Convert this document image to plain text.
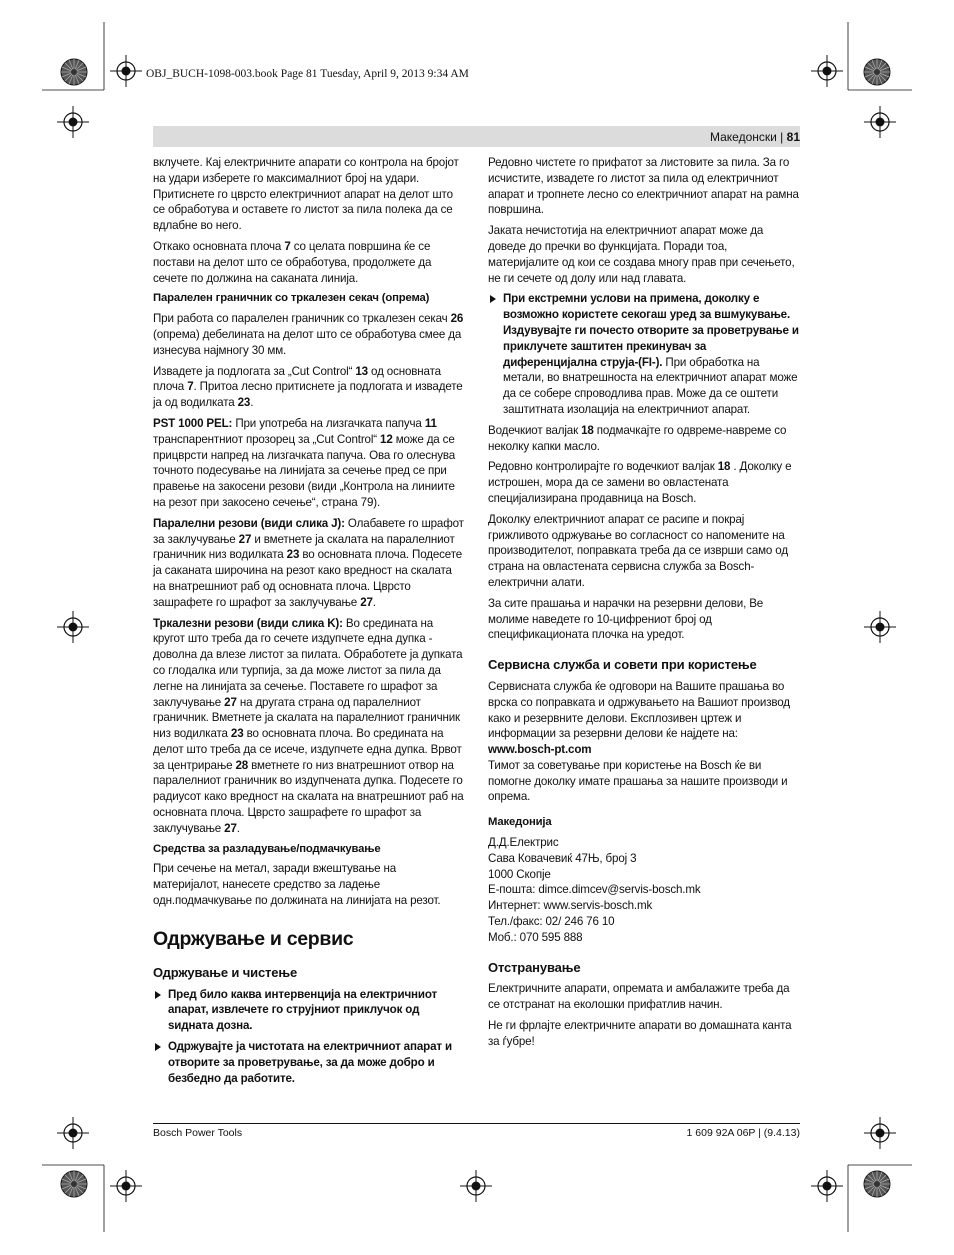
OBJ_BUCH-1098-003.book Page 81 Tuesday, April 9, 2013 9:34 AM
Македонски | 81

вклучете. Кај електричните апарати со контрола на бројот на удари изберете го максималниот број на удари. Притиснете го цврсто електричниот апарат на делот што се обработува и оставете го листот за пила полека да се вдлабне во него.

Откако основната плоча 7 со целата површина ќе се постави на делот што се обработува, продолжете да сечете по должина на саканата линија.

Паралелен граничник со тркалезен секач (опрема)

При работа со паралелен граничник со тркалезен секач 26 (опрема) дебелината на делот што се обработува смее да изнесува најмногу 30 мм.

Извадете ја подлогата за „Cut Control“ 13 од основната плоча 7. Притоа лесно притиснете ја подлогата и извадете ја од водилката 23.

PST 1000 PEL: При употреба на лизгачката папуча 11 транспарентниот прозорец за „Cut Control“ 12 може да се прицврсти напред на лизгачката папуча. Ова го олеснува точното подесување на линијата за сечење пред се при правење на закосени резови (види „Контрола на линиите на резот при закосено сечење“, страна 79).

Паралелни резови (види слика J): Олабавете го шрафот за заклучување 27 и вметнете ја скалата на паралелниот граничник низ водилката 23 во основната плоча. Подесете ја саканата широчина на резот како вредност на скалата на внатрешниот раб од основната плоча. Цврсто зашрафете го шрафот за заклучување 27.

Тркалезни резови (види слика K): Во средината на кругот што треба да го сечете издупчете една дупка - доволна да влезе листот за пилата. Обработете ја дупката со глодалка или турпија, за да може листот за пила да легне на линијата за сечење. Поставете го шрафот за заклучување 27 на другата страна од паралелниот граничник. Вметнете ја скалата на паралелниот граничник низ водилката 23 во основната плоча. Во средината на делот што треба да се исече, издупчете една дупка. Врвот за центрирање 28 вметнете го низ внатрешниот отвор на паралелниот граничник во издупчената дупка. Подесете го радиусот како вредност на скалата на внатрешниот раб на основната плоча. Цврсто зашрафете го шрафот за заклучување 27.

Средства за разладување/подмачкување

При сечење на метал, заради вжештување на материјалот, нанесете средство за ладење одн.подмачкување по должината на линијата на резот.

Одржување и сервис
Одржување и чистење
Пред било каква интервенција на електричниот апарат, извлечете го струјниот приклучок од ѕидната дозна.
Одржувајте ја чистотата на електричниот апарат и отворите за проветрување, за да може добро и безбедно да работите.

Редовно чистете го прифатот за листовите за пила. За го исчистите, извадете го листот за пила од електричниот апарат и тропнете лесно со електричниот апарат на рамна површина.

Јаката нечистотија на електричниот апарат може да доведе до пречки во функцијата. Поради тоа, материјалите од кои се создава многу прав при сечењето, не ги сечете од долу или над главата.

При екстремни услови на примена, доколку е возможно користете секогаш уред за вшмукување. Издувувајте ги почесто отворите за проветрување и приклучете заштитен прекинувач за диференцијална струја-(FI-). При обработка на метали, во внатрешноста на електричниот апарат може да се собере спроводлива прав. Може да се оштети заштитната изолација на електричниот апарат.

Водечкиот валјак 18 подмачкајте го одвреме-навреме со неколку капки масло.

Редовно контролирајте го водечкиот валјак 18 . Доколку е истрошен, мора да се замени во овластената специјализирана продавница на Bosch.

Доколку електричниот апарат се расипе и покрај грижливото одржување во согласност со напомените на производителот, поправката треба да се изврши само од страна на овластената сервисна служба за Bosch-електрични алати.

За сите прашања и нарачки на резервни делови, Ве молиме наведете го 10-цифрениот број од спецификационата плочка на уредот.

Сервисна служба и совети при користење

Сервисната служба ќе одговори на Вашите прашања во врска со поправката и одржувањето на Вашиот производ како и резервните делови. Експлозивен цртеж и информации за резервни делови ќе најдете на:

www.bosch-pt.com

Тимот за советување при користење на Bosch ќе ви помогне доколку имате прашања за нашите производи и опрема.

Македонија

Д.Д.Електрис

Сава Ковачевиќ 47Њ, број 3

1000 Скопје

E-пошта: dimce.dimcev@servis-bosch.mk

Интернет: www.servis-bosch.mk

Тел./факс: 02/ 246 76 10

Моб.: 070 595 888

Отстранување

Електричните апарати, опремата и амбалажите треба да се отстранат на еколошки прифатлив начин.

Не ги фрлајте електричните апарати во домашната канта за ѓубре!

Bosch Power Tools	1 609 92A 06P | (9.4.13)
